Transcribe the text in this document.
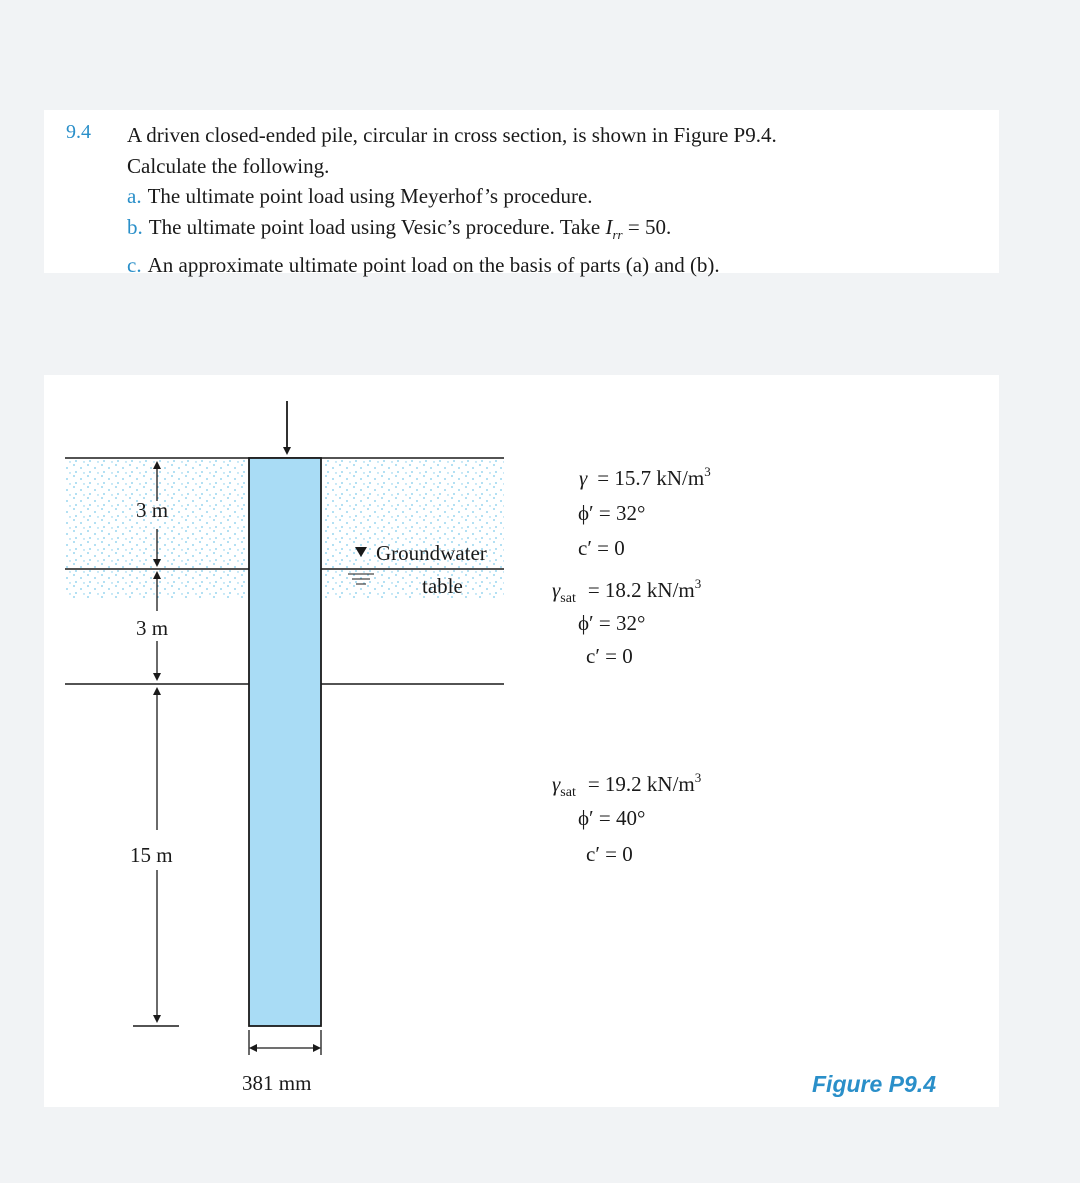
9.4 A driven closed-ended pile, circular in cross section, is shown in Figure P9.4.
Calculate the following.
a. The ultimate point load using Meyerhof’s procedure.
b. The ultimate point load using Vesic’s procedure. Take $I_{rr} = 50$.
c. An approximate ultimate point load on the basis of parts (a) and (b).
3 m
3 m
15 m
381 mm
Groundwater
table
γ = 15.7 $kN/m^3$
ϕ′ = 32°
c′ = 0
$\gamma_{sat} = 18.2$ $kN/m^3$
ϕ′ = 32°
c′ = 0
$\gamma_{sat} = 19.2$ $kN/m^3$
ϕ′ = 40°
c′ = 0
Figure P9.4
